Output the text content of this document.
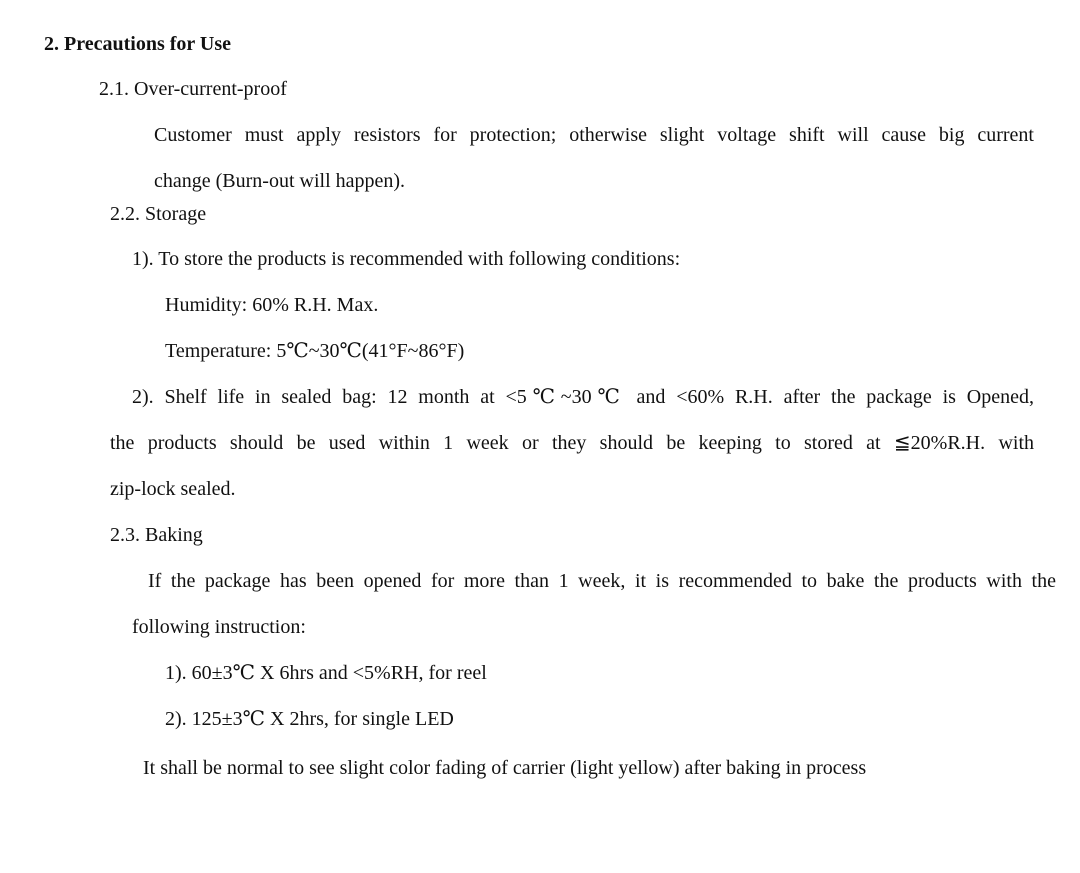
2. Precautions for Use
2.1. Over-current-proof
Customer must apply resistors for protection; otherwise slight voltage shift will cause big current
change (Burn-out will happen).
2.2. Storage
1). To store the products is recommended with following conditions:
Humidity: 60% R.H. Max.
Temperature: 5℃~30℃(41°F~86°F)
2). Shelf life in sealed bag: 12 month at <5℃~30℃ and <60% R.H. after the package is Opened,
the products should be used within 1 week or they should be keeping to stored at ≦20%R.H. with
zip-lock sealed.
2.3. Baking
If the package has been opened for more than 1 week, it is recommended to bake the products with the
following instruction:
1). 60±3℃ X 6hrs and <5%RH, for reel
2). 125±3℃ X 2hrs, for single LED
It shall be normal to see slight color fading of carrier (light yellow) after baking in process
